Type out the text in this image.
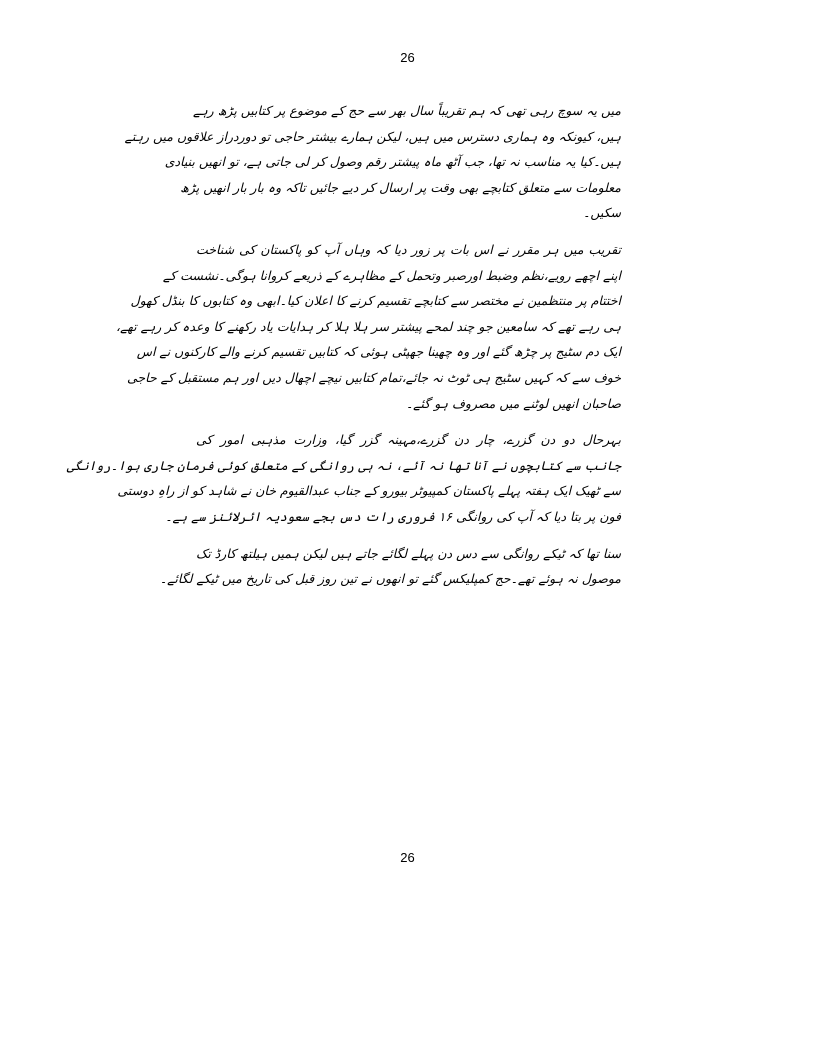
26
میں یہ سوچ رہی تھی کہ ہم تقریباً سال بھر سے حج کے موضوع پر کتابیں پڑھ رہے
ہیں، کیونکہ وہ ہماری دسترس میں ہیں، لیکن ہمارے بیشتر حاجی تو دوردراز علاقوں میں رہتے
ہیں۔کیا یہ مناسب نہ تھا، جب آٹھ ماہ پیشتر رقم وصول کر لی جاتی ہے، تو انھیں بنیادی
معلومات سے متعلق کتابچے بھی وقت پر ارسال کر دیے جائیں تاکہ وہ بار بار انھیں پڑھ
سکیں۔
تقریب میں ہر مقرر نے اس بات پر زور دیا کہ وہاں آپ کو پاکستان کی شناخت
اپنے اچھے رویے،نظم وضبط اورصبر وتحمل کے مظاہرے کے ذریعے کروانا ہوگی۔نشست کے
اختتام پر منتظمین نے مختصر سے کتابچے تقسیم کرنے کا اعلان کیا۔ابھی وہ کتابوں کا بنڈل کھول
ہی رہے تھے کہ سامعین جو چند لمحے پیشتر سر ہلا ہلا کر ہدایات یاد رکھنے کا وعدہ کر رہے تھے،
ایک دم سٹیج پر چڑھ گئے اور وہ چھینا جھپٹی ہوئی کہ کتابیں تقسیم کرنے والے کارکنوں نے اس
خوف سے کہ کہیں سٹیج ہی ٹوٹ نہ جائے،تمام کتابیں نیچے اچھال دیں اور ہم مستقبل کے حاجی
صاحبان انھیں لوٹنے میں مصروف ہو گئے۔
بہرحال دو دن گزرے، چار دن گزرے،مہینہ گزر گیا، وزارت مذہبی امور کی
جانب سے کتابچوں نے آنا تھا نہ آئے، نہ ہی روانگی کے متعلق کوئی فرمان جاری ہوا۔روانگی
سے ٹھیک ایک ہفتہ پہلے پاکستان کمپیوٹر بیورو کے جناب عبدالقیوم خان نے شاہد کو از راہِ دوستی
فون پر بتا دیا کہ آپ کی روانگی ۱۶ فروری رات دس بجے سعودیہ ائرلائنز سے ہے۔
سنا تھا کہ ٹیکے روانگی سے دس دن پہلے لگائے جاتے ہیں لیکن ہمیں ہیلتھ کارڈ تک
موصول نہ ہوئے تھے۔حج کمپلیکس گئے تو انھوں نے تین روز قبل کی تاریخ میں ٹیکے لگائے۔
26
